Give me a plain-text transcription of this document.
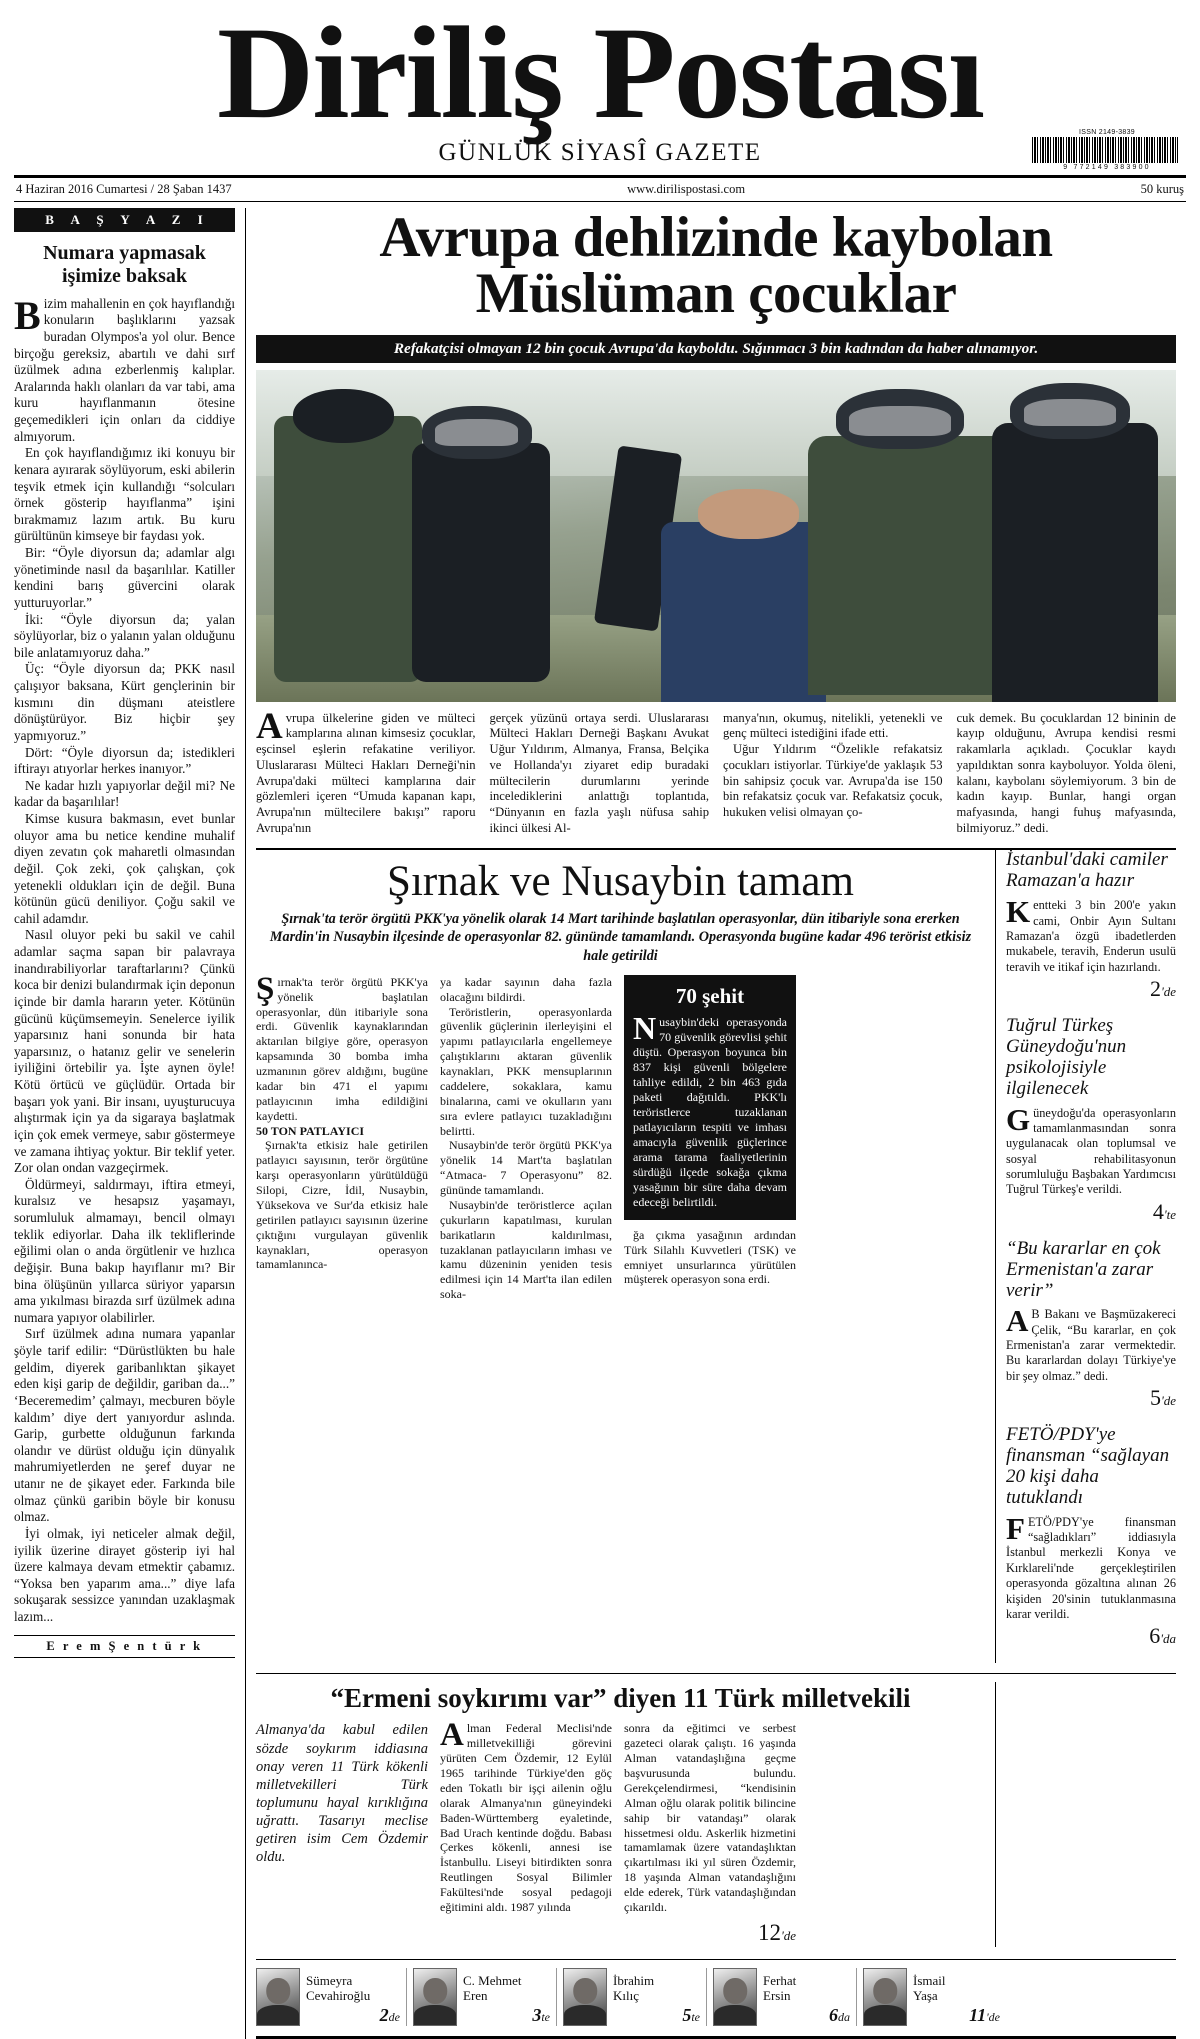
Diriliş Postası
GÜNLÜK SİYASÎ GAZETE
ISSN 2149-3839
9 772149 383900
4 Haziran 2016 Cumartesi / 28 Şaban 1437	www.dirilispostasi.com	50 kuruş
B A Ş Y A Z I
Numara yapmasak işimize baksak

Bizim mahallenin en çok hayıflandığı konuların başlıklarını yazsak buradan Olympos'a yol olur. Bence birçoğu gereksiz, abartılı ve dahi sırf üzülmek adına ezberlenmiş kalıplar. Aralarında haklı olanları da var tabi, ama kuru hayıflanmanın ötesine geçemedikleri için onları da ciddiye almıyorum.

En çok hayıflandığımız iki konuyu bir kenara ayırarak söylüyorum, eski abilerin teşvik etmek için kullandığı “solcuları örnek gösterip hayıflanma” işini bırakmamız lazım artık. Bu kuru gürültünün kimseye bir faydası yok.

Bir: “Öyle diyorsun da; adamlar algı yönetiminde nasıl da başarılılar. Katiller kendini barış güvercini olarak yutturuyorlar.”

İki: “Öyle diyorsun da; yalan söylüyorlar, biz o yalanın yalan olduğunu bile anlatamıyoruz daha.”

Üç: “Öyle diyorsun da; PKK nasıl çalışıyor baksana, Kürt gençlerinin bir kısmını din düşmanı ateistlere dönüştürüyor. Biz hiçbir şey yapmıyoruz.”

Dört: “Öyle diyorsun da; istedikleri iftirayı atıyorlar herkes inanıyor.”

Ne kadar hızlı yapıyorlar değil mi? Ne kadar da başarılılar!

Kimse kusura bakmasın, evet bunlar oluyor ama bu netice kendine muhalif diyen zevatın çok maharetli olmasından değil. Çok zeki, çok çalışkan, çok yetenekli oldukları için de değil. Buna kötünün gücü deniliyor. Çoğu sakil ve cahil adamdır.

Nasıl oluyor peki bu sakil ve cahil adamlar saçma sapan bir palavraya inandırabiliyorlar taraftarlarını? Çünkü koca bir denizi bulandırmak için deponun içinde bir damla hararın yeter. Kötünün gücünü küçümsemeyin. Senelerce iyilik yaparsınız hani sonunda bir hata yaparsınız, o hatanız gelir ve senelerin iyiliğini örtebilir ya. İşte aynen öyle! Kötü örtücü ve güçlüdür. Ortada bir başarı yok yani. Bir insanı, uyuşturucuya alıştırmak için ya da sigaraya başlatmak için çok emek vermeye, sabır göstermeye ve zamana ihtiyaç yoktur. Bir teklif yeter. Zor olan ondan vazgeçirmek.

Öldürmeyi, saldırmayı, iftira etmeyi, kuralsız ve hesapsız yaşamayı, sorumluluk almamayı, bencil olmayı teklik ediyorlar. Daha ilk tekliflerinde eğilimi olan o anda örgütlenir ve hızlıca değişir. Buna bakıp hayıflanır mı? Bir bina ölüşünün yıllarca süriyor yaparsın ama yıkılması birazda sırf üzülmek adına numara yapıyor olabilirler.

Sırf üzülmek adına numara yapanlar şöyle tarif edilir: “Dürüstlükten bu hale geldim, diyerek garibanlıktan şikayet eden kişi garip de değildir, gariban da...” ‘Beceremedim’ çalmayı, mecburen böyle kaldım’ diye dert yanıyordur aslında. Garip, gurbette olduğunun farkında olandır ve dürüst olduğu için dünyalık mahrumiyetlerden ne şeref duyar ne utanır ne de şikayet eder. Farkında bile olmaz çünkü garibin böyle bir konusu olmaz.

İyi olmak, iyi neticeler almak değil, iyilik üzerine dirayet gösterip iyi hal üzere kalmaya devam etmektir çabamız. “Yoksa ben yaparım ama...” diye lafa sokuşarak sessizce yanından uzaklaşmak lazım...

E r e m Ş e n t ü r k
Avrupa dehlizinde kaybolan
Müslüman çocuklar
Refakatçisi olmayan 12 bin çocuk Avrupa'da kayboldu. Sığınmacı 3 bin kadından da haber alınamıyor.

Avrupa ülkelerine giden ve mülteci kamplarına alınan kimsesiz çocuklar, eşcinsel eşlerin refakatine veriliyor. Uluslararası Mülteci Hakları Derneği'nin Avrupa'daki mülteci kamplarına dair gözlemleri içeren “Umuda kapanan kapı, Avrupa'nın mültecilere bakışı” raporu Avrupa'nın

gerçek yüzünü ortaya serdi. Uluslararası Mülteci Hakları Derneği Başkanı Avukat Uğur Yıldırım, Almanya, Fransa, Belçika ve Hollanda'yı ziyaret edip buradaki mültecilerin durumlarını yerinde incelediklerini anlattığı toplantıda, “Dünyanın en fazla yaşlı nüfusa sahip ikinci ülkesi Al-

manya'nın, okumuş, nitelikli, yetenekli ve genç mülteci istediğini ifade etti.

Uğur Yıldırım “Özelikle refakatsiz çocukları istiyorlar. Türkiye'de yaklaşık 53 bin sahipsiz çocuk var. Avrupa'da ise 150 bin refakatsiz çocuk var. Refakatsiz çocuk, hukuken velisi olmayan ço-

cuk demek. Bu çocuklardan 12 bininin de kayıp olduğunu, Avrupa kendisi resmi rakamlarla açıkladı. Çocuklar kaydı yapıldıktan sonra kayboluyor. Yolda öleni, kalanı, kaybolanı söylemiyorum. 3 bin de kadın kayıp. Bunlar, hangi organ mafyasında, hangi fuhuş mafyasında, bilmiyoruz.” dedi.

Şırnak ve Nusaybin tamam
Şırnak'ta terör örgütü PKK'ya yönelik olarak 14 Mart tarihinde başlatılan operasyonlar, dün itibariyle sona ererken Mardin'in Nusaybin ilçesinde de operasyonlar 82. gününde tamamlandı. Operasyonda bugüne kadar 496 terörist etkisiz hale getirildi

Şırnak'ta terör örgütü PKK'ya yönelik başlatılan operasyonlar, dün itibariyle sona erdi. Güvenlik kaynaklarından aktarılan bilgiye göre, operasyon kapsamında 30 bomba imha uzmanının görev aldığını, bugüne kadar bin 471 el yapımı patlayıcının imha edildiğini kaydetti.

50 TON PATLAYICI

Şırnak'ta etkisiz hale getirilen patlayıcı sayısının, terör örgütüne karşı operasyonların yürütüldüğü Silopi, Cizre, İdil, Nusaybin, Yüksekova ve Sur'da etkisiz hale getirilen patlayıcı sayısının üzerine çıktığını vurgulayan güvenlik kaynakları, operasyon tamamlanınca-

ya kadar sayının daha fazla olacağını bildirdi.

Teröristlerin, operasyonlarda güvenlik güçlerinin ilerleyişini el yapımı patlayıcılarla engellemeye çalıştıklarını aktaran güvenlik kaynakları, PKK mensuplarının caddelere, sokaklara, kamu binalarına, cami ve okulların yanı sıra evlere patlayıcı tuzakladığını belirtti.

Nusaybin'de terör örgütü PKK'ya yönelik 14 Mart'ta başlatılan “Atmaca- 7 Operasyonu” 82. gününde tamamlandı.

Nusaybin'de teröristlerce açılan çukurların kapatılması, kurulan barikatların kaldırılması, tuzaklanan patlayıcıların imhası ve kamu düzeninin yeniden tesis edilmesi için 14 Mart'ta ilan edilen soka-

70 şehit

Nusaybin'deki operasyonda 70 güvenlik görevlisi şehit düştü. Operasyon boyunca bin 837 kişi güvenli bölgelere tahliye edildi, 2 bin 463 gıda paketi dağıtıldı. PKK'lı teröristlerce tuzaklanan patlayıcıların tespiti ve imhası amacıyla güvenlik güçlerince arama tarama faaliyetlerinin sürdüğü ilçede sokağa çıkma yasağının bir süre daha devam edeceği belirtildi.

ğa çıkma yasağının ardından Türk Silahlı Kuvvetleri (TSK) ve emniyet unsurlarınca yürütülen müşterek operasyon sona erdi.

İstanbul'daki camiler Ramazan'a hazır

Kentteki 3 bin 200'e yakın cami, Onbir Ayın Sultanı Ramazan'a özgü ibadetlerden mukabele, teravih, Enderun usulü teravih ve itikaf için hazırlandı.

2'de
Tuğrul Türkeş Güneydoğu'nun psikolojisiyle ilgilenecek

Güneydoğu'da operasyonların tamamlanmasından sonra uygulanacak olan toplumsal ve sosyal rehabilitasyonun sorumluluğu Başbakan Yardımcısı Tuğrul Türkeş'e verildi.

4'te
“Bu kararlar en çok Ermenistan'a zarar verir”

A B Bakanı ve Başmüzakereci Çelik, “Bu kararlar, en çok Ermenistan'a zarar vermektedir. Bu kararlardan dolayı Türkiye'ye bir şey olmaz.” dedi.

5'de
FETÖ/PDY'ye finansman “sağlayan 20 kişi daha tutuklandı

FETÖ/PDY'ye finansman “sağladıkları” iddiasıyla İstanbul merkezli Konya ve Kırklareli'nde gerçekleştirilen operasyonda gözaltına alınan 26 kişiden 20'sinin tutuklanmasına karar verildi.

6'da
“Ermeni soykırımı var” diyen 11 Türk milletvekili
Almanya'da kabul edilen sözde soykırım iddiasına onay veren 11 Türk kökenli milletvekilleri Türk toplumunu hayal kırıklığına uğrattı. Tasarıyı meclise getiren isim Cem Özdemir oldu.

Alman Federal Meclisi'nde milletvekilliği görevini yürüten Cem Özdemir, 12 Eylül 1965 tarihinde Türkiye'den göç eden Tokatlı bir işçi ailenin oğlu olarak Almanya'nın güneyindeki Baden-Württemberg eyaletinde, Bad Urach kentinde doğdu. Babası Çerkes kökenli, annesi ise İstanbullu. Liseyi bitirdikten sonra Reutlingen Sosyal Bilimler Fakültesi'nde sosyal pedagoji eğitimini aldı. 1987 yılında

sonra da eğitimci ve serbest gazeteci olarak çalıştı. 16 yaşında Alman vatandaşlığına geçme başvurusunda bulundu. Gerekçelendirmesi, “kendisinin Alman oğlu olarak politik bilincine sahip bir vatandaşı” olarak hissetmesi oldu. Askerlik hizmetini tamamlamak üzere vatandaşlıktan çıkartılması iki yıl süren Özdemir, 18 yaşında Alman vatandaşlığını elde ederek, Türk vatandaşlığından çıkarıldı.

12'de
Sümeyra
Cevahiroğlu
2de
C. Mehmet
Eren
3te
İbrahim
Kılıç
5te
Ferhat
Ersin
6da
İsmail
Yaşa
11'de
